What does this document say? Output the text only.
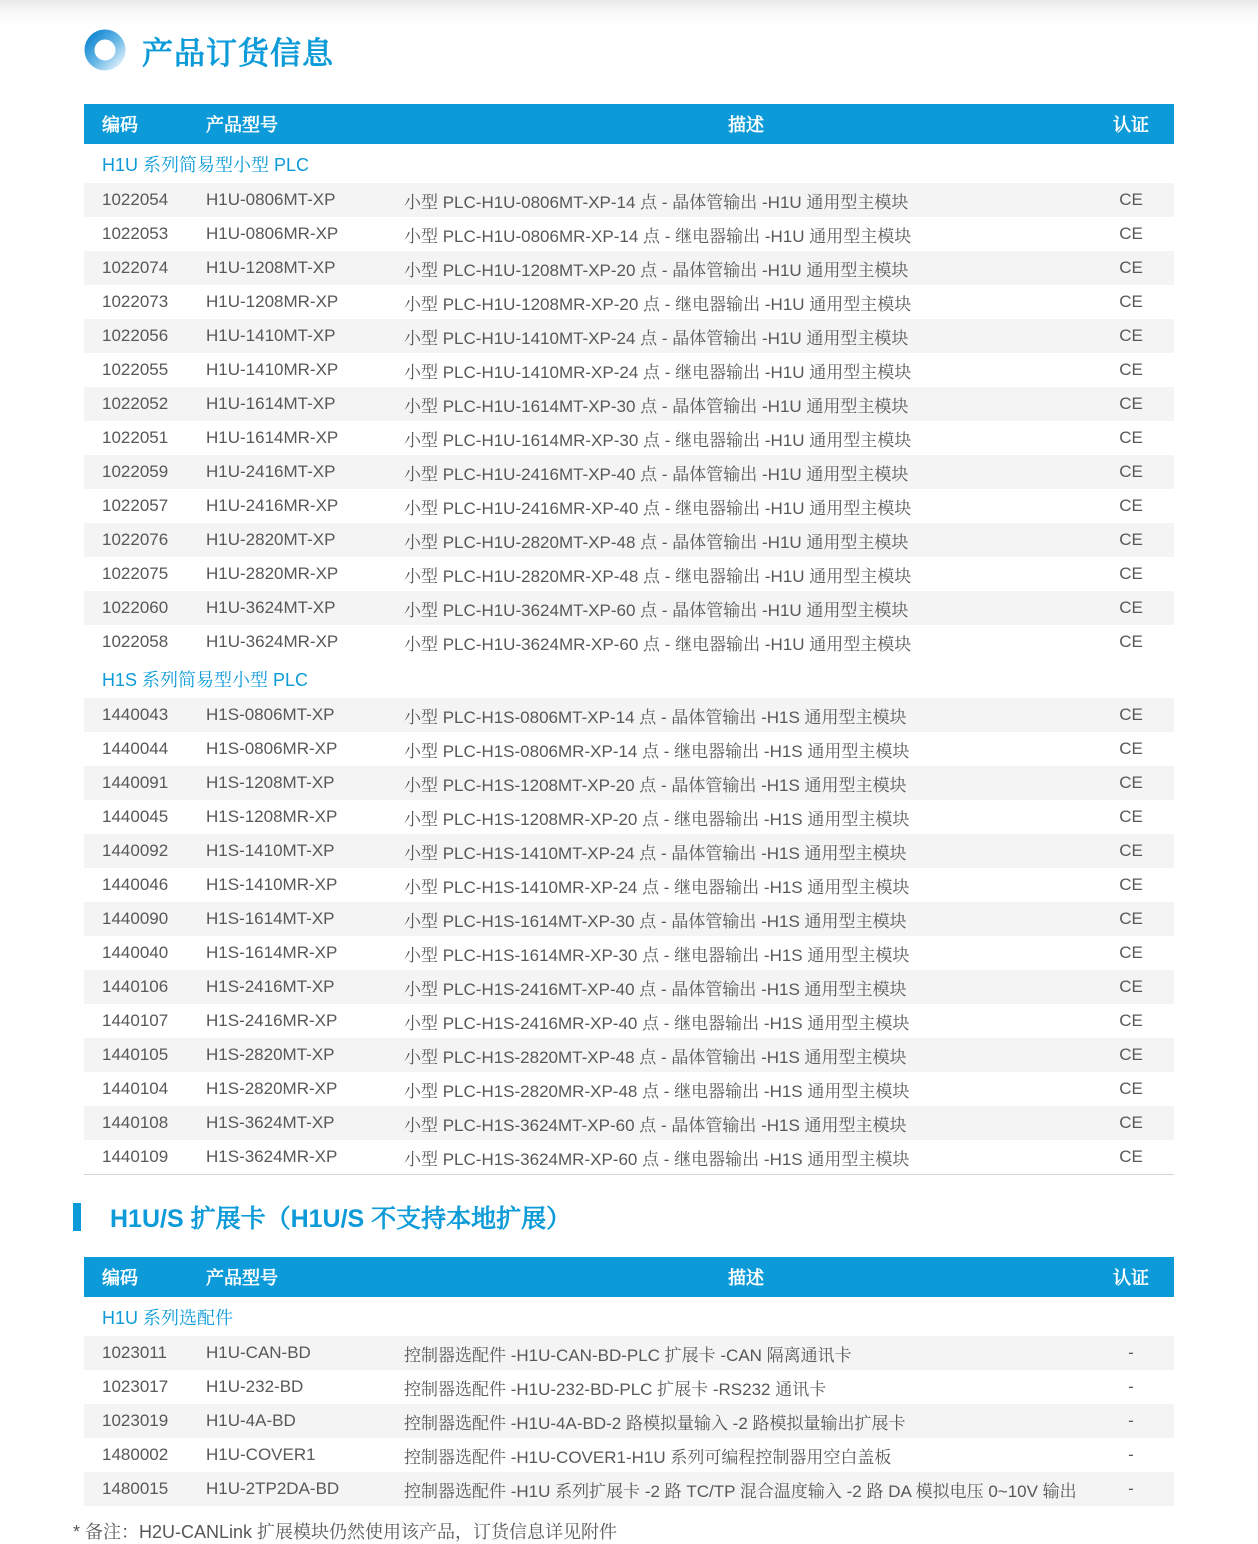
产品订货信息
编码	产品型号	描述	认证
H1U 系列简易型小型 PLC
1022054	H1U-0806MT-XP	小型 PLC-H1U-0806MT-XP-14 点 - 晶体管输出 -H1U 通用型主模块	CE
1022053	H1U-0806MR-XP	小型 PLC-H1U-0806MR-XP-14 点 - 继电器输出 -H1U 通用型主模块	CE
1022074	H1U-1208MT-XP	小型 PLC-H1U-1208MT-XP-20 点 - 晶体管输出 -H1U 通用型主模块	CE
1022073	H1U-1208MR-XP	小型 PLC-H1U-1208MR-XP-20 点 - 继电器输出 -H1U 通用型主模块	CE
1022056	H1U-1410MT-XP	小型 PLC-H1U-1410MT-XP-24 点 - 晶体管输出 -H1U 通用型主模块	CE
1022055	H1U-1410MR-XP	小型 PLC-H1U-1410MR-XP-24 点 - 继电器输出 -H1U 通用型主模块	CE
1022052	H1U-1614MT-XP	小型 PLC-H1U-1614MT-XP-30 点 - 晶体管输出 -H1U 通用型主模块	CE
1022051	H1U-1614MR-XP	小型 PLC-H1U-1614MR-XP-30 点 - 继电器输出 -H1U 通用型主模块	CE
1022059	H1U-2416MT-XP	小型 PLC-H1U-2416MT-XP-40 点 - 晶体管输出 -H1U 通用型主模块	CE
1022057	H1U-2416MR-XP	小型 PLC-H1U-2416MR-XP-40 点 - 继电器输出 -H1U 通用型主模块	CE
1022076	H1U-2820MT-XP	小型 PLC-H1U-2820MT-XP-48 点 - 晶体管输出 -H1U 通用型主模块	CE
1022075	H1U-2820MR-XP	小型 PLC-H1U-2820MR-XP-48 点 - 继电器输出 -H1U 通用型主模块	CE
1022060	H1U-3624MT-XP	小型 PLC-H1U-3624MT-XP-60 点 - 晶体管输出 -H1U 通用型主模块	CE
1022058	H1U-3624MR-XP	小型 PLC-H1U-3624MR-XP-60 点 - 继电器输出 -H1U 通用型主模块	CE
H1S 系列简易型小型 PLC
1440043	H1S-0806MT-XP	小型 PLC-H1S-0806MT-XP-14 点 - 晶体管输出 -H1S 通用型主模块	CE
1440044	H1S-0806MR-XP	小型 PLC-H1S-0806MR-XP-14 点 - 继电器输出 -H1S 通用型主模块	CE
1440091	H1S-1208MT-XP	小型 PLC-H1S-1208MT-XP-20 点 - 晶体管输出 -H1S 通用型主模块	CE
1440045	H1S-1208MR-XP	小型 PLC-H1S-1208MR-XP-20 点 - 继电器输出 -H1S 通用型主模块	CE
1440092	H1S-1410MT-XP	小型 PLC-H1S-1410MT-XP-24 点 - 晶体管输出 -H1S 通用型主模块	CE
1440046	H1S-1410MR-XP	小型 PLC-H1S-1410MR-XP-24 点 - 继电器输出 -H1S 通用型主模块	CE
1440090	H1S-1614MT-XP	小型 PLC-H1S-1614MT-XP-30 点 - 晶体管输出 -H1S 通用型主模块	CE
1440040	H1S-1614MR-XP	小型 PLC-H1S-1614MR-XP-30 点 - 继电器输出 -H1S 通用型主模块	CE
1440106	H1S-2416MT-XP	小型 PLC-H1S-2416MT-XP-40 点 - 晶体管输出 -H1S 通用型主模块	CE
1440107	H1S-2416MR-XP	小型 PLC-H1S-2416MR-XP-40 点 - 继电器输出 -H1S 通用型主模块	CE
1440105	H1S-2820MT-XP	小型 PLC-H1S-2820MT-XP-48 点 - 晶体管输出 -H1S 通用型主模块	CE
1440104	H1S-2820MR-XP	小型 PLC-H1S-2820MR-XP-48 点 - 继电器输出 -H1S 通用型主模块	CE
1440108	H1S-3624MT-XP	小型 PLC-H1S-3624MT-XP-60 点 - 晶体管输出 -H1S 通用型主模块	CE
1440109	H1S-3624MR-XP	小型 PLC-H1S-3624MR-XP-60 点 - 继电器输出 -H1S 通用型主模块	CE
H1U/S 扩展卡（H1U/S 不支持本地扩展）
编码	产品型号	描述	认证
H1U 系列选配件
1023011	H1U-CAN-BD	控制器选配件 -H1U-CAN-BD-PLC 扩展卡 -CAN 隔离通讯卡	-
1023017	H1U-232-BD	控制器选配件 -H1U-232-BD-PLC 扩展卡 -RS232 通讯卡	-
1023019	H1U-4A-BD	控制器选配件 -H1U-4A-BD-2 路模拟量输入 -2 路模拟量输出扩展卡	-
1480002	H1U-COVER1	控制器选配件 -H1U-COVER1-H1U 系列可编程控制器用空白盖板	-
1480015	H1U-2TP2DA-BD	控制器选配件 -H1U 系列扩展卡 -2 路 TC/TP 混合温度输入 -2 路 DA 模拟电压 0~10V 输出	-

* 备注：H2U-CANLink 扩展模块仍然使用该产品，订货信息详见附件
